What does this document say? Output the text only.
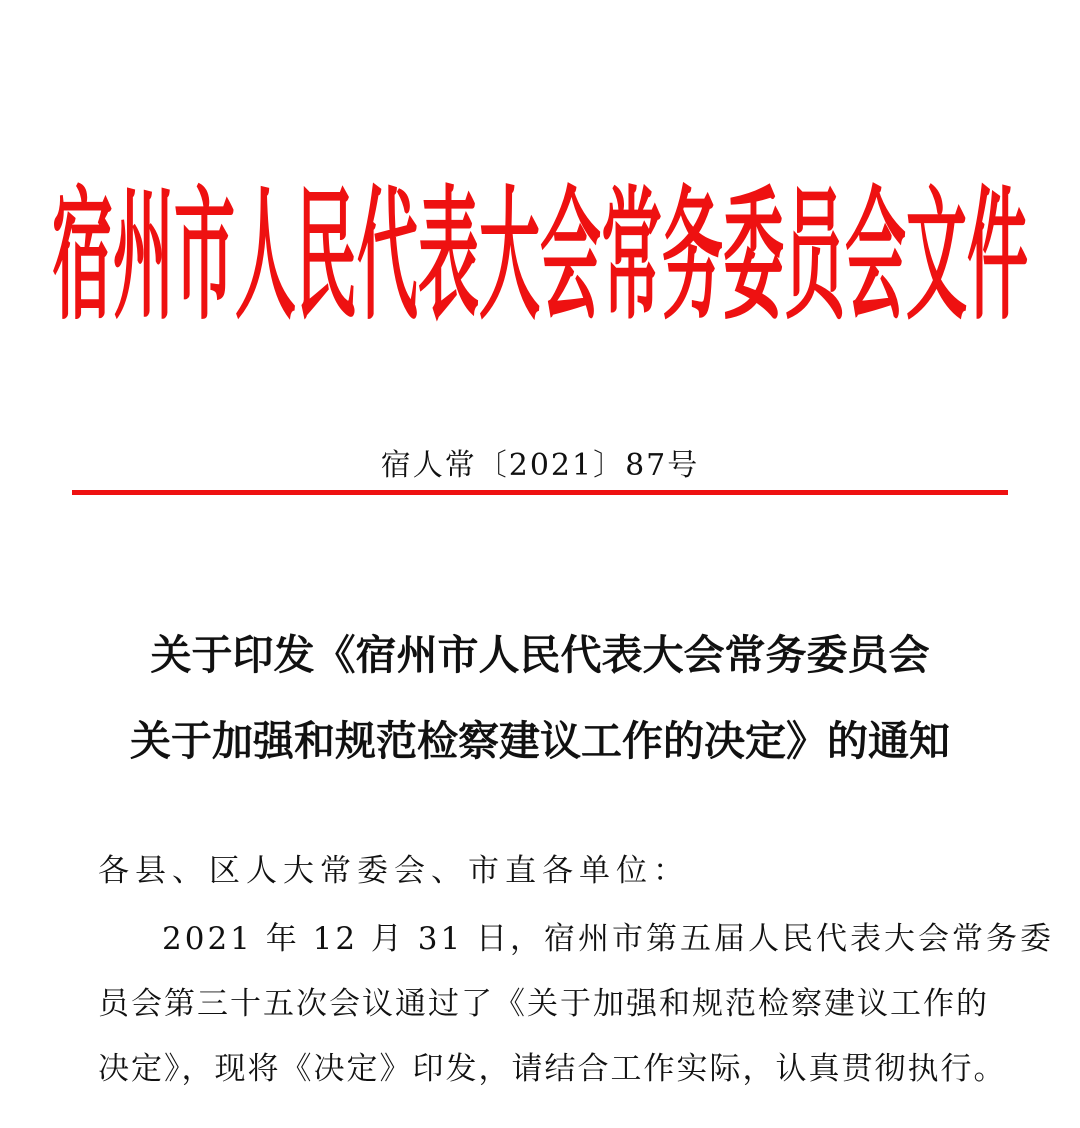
宿州市人民代表大会常务委员会文件
宿人常〔2021〕87号
关于印发《宿州市人民代表大会常务委员会
关于加强和规范检察建议工作的决定》的通知
各县、区人大常委会、市直各单位：
2021 年 12 月 31 日，宿州市第五届人民代表大会常务委
员会第三十五次会议通过了《关于加强和规范检察建议工作的
决定》，现将《决定》印发，请结合工作实际，认真贯彻执行。
